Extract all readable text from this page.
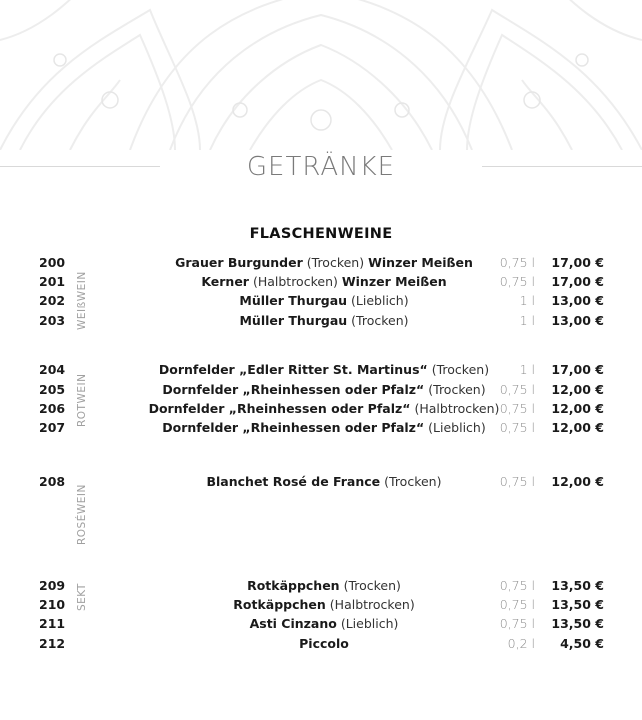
GETRÄNKE
FLASCHENWEINE
WEIßWEIN
ROTWEIN
ROSÉWEIN
SEKT
200	Grauer Burgunder (Trocken) Winzer Meißen	0,75 l	17,00 €
201	Kerner (Halbtrocken) Winzer Meißen	0,75 l	17,00 €
202	Müller Thurgau (Lieblich)	1 l	13,00 €
203	Müller Thurgau (Trocken)	1 l	13,00 €
204	Dornfelder „Edler Ritter St. Martinus“ (Trocken)	1 l	17,00 €
205	Dornfelder „Rheinhessen oder Pfalz“ (Trocken)	0,75 l	12,00 €
206	Dornfelder „Rheinhessen oder Pfalz“ (Halbtrocken) 0,75 l	12,00 €
207	Dornfelder „Rheinhessen oder Pfalz“ (Lieblich)	0,75 l	12,00 €
208	Blanchet Rosé de France (Trocken)	0,75 l	12,00 €
209	Rotkäppchen (Trocken)	0,75 l	13,50 €
210	Rotkäppchen (Halbtrocken)	0,75 l	13,50 €
211	Asti Cinzano (Lieblich)	0,75 l	13,50 €
212	Piccolo	0,2 l	4,50 €
